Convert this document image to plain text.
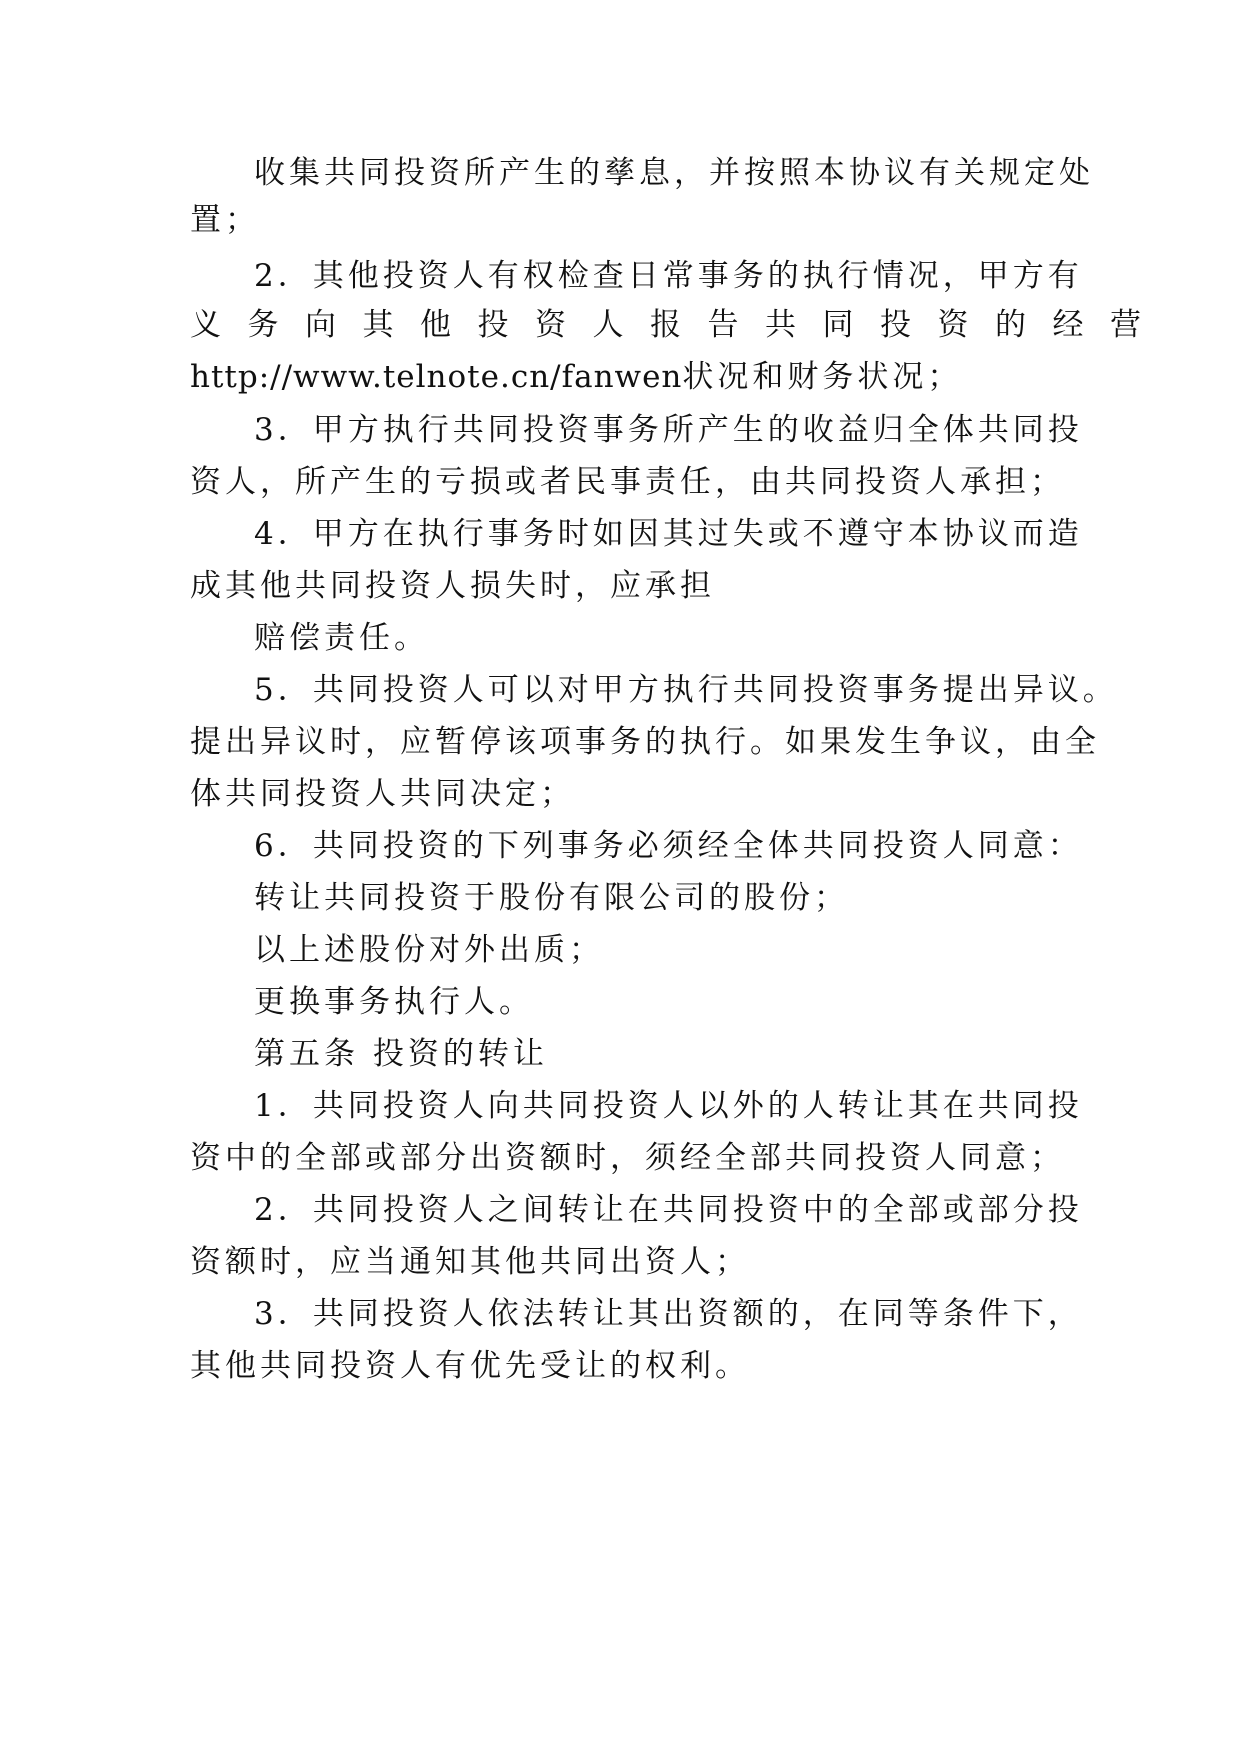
收集共同投资所产生的孳息，并按照本协议有关规定处
置；
2．其他投资人有权检查日常事务的执行情况，甲方有
义务向其他投资人报告共同投资的经营
http://www.telnote.cn/fanwen状况和财务状况；
3．甲方执行共同投资事务所产生的收益归全体共同投
资人，所产生的亏损或者民事责任，由共同投资人承担；
4．甲方在执行事务时如因其过失或不遵守本协议而造
成其他共同投资人损失时，应承担
赔偿责任。
5．共同投资人可以对甲方执行共同投资事务提出异议。
提出异议时，应暂停该项事务的执行。如果发生争议，由全
体共同投资人共同决定；
6．共同投资的下列事务必须经全体共同投资人同意：
转让共同投资于股份有限公司的股份；
以上述股份对外出质；
更换事务执行人。
第五条 投资的转让
1．共同投资人向共同投资人以外的人转让其在共同投
资中的全部或部分出资额时，须经全部共同投资人同意；
2．共同投资人之间转让在共同投资中的全部或部分投
资额时，应当通知其他共同出资人；
3．共同投资人依法转让其出资额的，在同等条件下，
其他共同投资人有优先受让的权利。
